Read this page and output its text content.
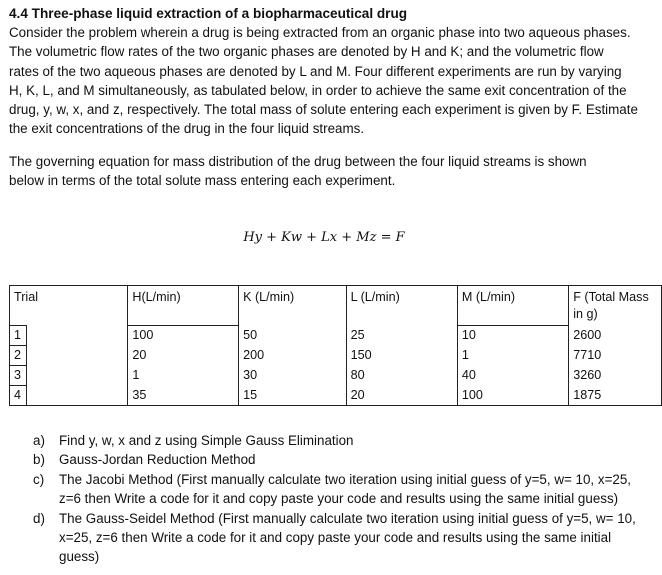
4.4 Three-phase liquid extraction of a biopharmaceutical drug

Consider the problem wherein a drug is being extracted from an organic phase into two aqueous phases.

The volumetric flow rates of the two organic phases are denoted by H and K; and the volumetric flow

rates of the two aqueous phases are denoted by L and M. Four different experiments are run by varying

H, K, L, and M simultaneously, as tabulated below, in order to achieve the same exit concentration of the

drug, y, w, x, and z, respectively. The total mass of solute entering each experiment is given by F. Estimate

the exit concentrations of the drug in the four liquid streams.

The governing equation for mass distribution of the drug between the four liquid streams is shown

below in terms of the total solute mass entering each experiment.

Hy + Kw + Lx + Mz = F
Trial		H(L/min)	K (L/min)	L (L/min)	M (L/min)	F (Total Mass in g)
1		100	50	25	10	2600
2		20	200	150	1	7710
3		1	30	80	40	3260
4		35	15	20	100	1875
a)	Find y, w, x and z using Simple Gauss Elimination
b)	Gauss-Jordan Reduction Method
c)	The Jacobi Method (First manually calculate two iteration using initial guess of y=5, w= 10, x=25, z=6 then Write a code for it and copy paste your code and results using the same initial guess)
d)	The Gauss-Seidel Method (First manually calculate two iteration using initial guess of y=5, w= 10, x=25, z=6 then Write a code for it and copy paste your code and results using the same initial guess)
